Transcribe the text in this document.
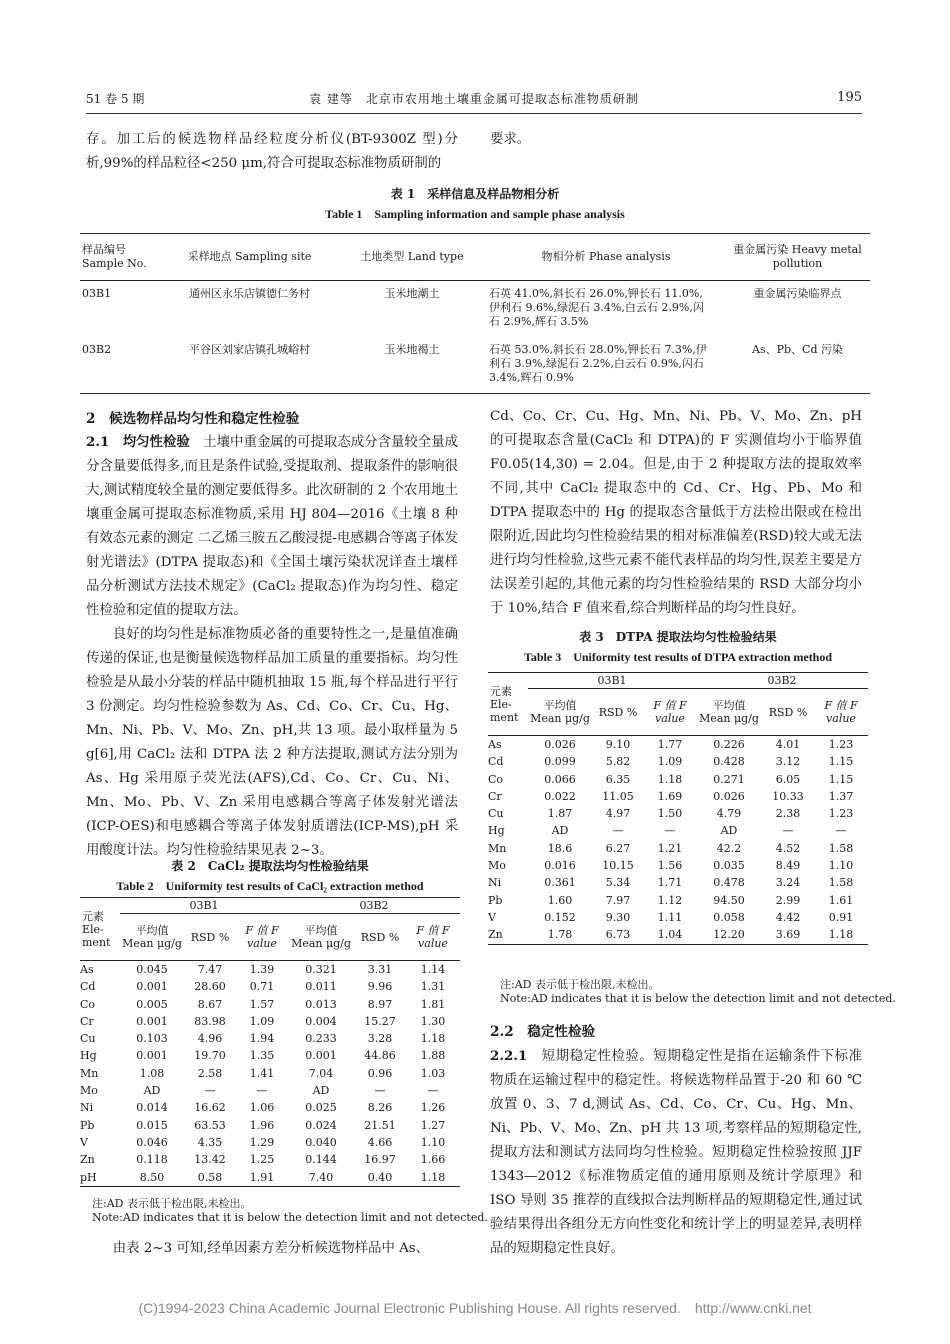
51 卷 5 期	袁 建等　北京市农用地土壤重金属可提取态标准物质研制	195

存。加工后的候选物样品经粒度分析仪(BT-9300Z 型)分析,99%的样品粒径<250 μm,符合可提取态标准物质研制的

要求。

表 1　采样信息及样品物相分析
Table 1　Sampling information and sample phase analysis
样品编号 Sample No.	采样地点 Sampling site	土地类型 Land type	物相分析 Phase analysis	重金属污染 Heavy metal pollution
03B1	通州区永乐店镇德仁务村	玉米地潮土	石英 41.0%,斜长石 26.0%,钾长石 11.0%,伊利石 9.6%,绿泥石 3.4%,白云石 2.9%,闪石 2.9%,辉石 3.5%	重金属污染临界点
03B2	平谷区刘家店镇孔城峪村	玉米地褐土	石英 53.0%,斜长石 28.0%,钾长石 7.3%,伊利石 3.9%,绿泥石 2.2%,白云石 0.9%,闪石 3.4%,辉石 0.9%	As、Pb、Cd 污染
2　候选物样品均匀性和稳定性检验

2.1　均匀性检验　 土壤中重金属的可提取态成分含量较全量成分含量要低得多,而且是条件试验,受提取剂、提取条件的影响很大,测试精度较全量的测定要低得多。此次研制的 2 个农用地土壤重金属可提取态标准物质,采用 HJ 804—2016《土壤 8 种有效态元素的测定 二乙烯三胺五乙酸浸提-电感耦合等离子体发射光谱法》(DTPA 提取态)和《全国土壤污染状况详查土壤样品分析测试方法技术规定》(CaCl₂ 提取态)作为均匀性、稳定性检验和定值的提取方法。

良好的均匀性是标准物质必备的重要特性之一,是量值准确传递的保证,也是衡量候选物样品加工质量的重要指标。均匀性检验是从最小分装的样品中随机抽取 15 瓶,每个样品进行平行 3 份测定。均匀性检验参数为 As、Cd、Co、Cr、Cu、Hg、Mn、Ni、Pb、V、Mo、Zn、pH,共 13 项。最小取样量为 5 g[6],用 CaCl₂ 法和 DTPA 法 2 种方法提取,测试方法分别为 As、Hg 采用原子荧光法(AFS),Cd、Co、Cr、Cu、Ni、Mn、Mo、Pb、V、Zn 采用电感耦合等离子体发射光谱法(ICP-OES)和电感耦合等离子体发射质谱法(ICP-MS),pH 采用酸度计法。均匀性检验结果见表 2~3。

表 2　CaCl₂ 提取法均匀性检验结果
Table 2　Uniformity test results of CaCl₂ extraction method
元素 Ele- ment	03B1			03B2		
	平均值 Mean μg/g	RSD %	F 值 F value	平均值 Mean μg/g	RSD %	F 值 F value
As	0.045	7.47	1.39	0.321	3.31	1.14
Cd	0.001	28.60	0.71	0.011	9.96	1.31
Co	0.005	8.67	1.57	0.013	8.97	1.81
Cr	0.001	83.98	1.09	0.004	15.27	1.30
Cu	0.103	4.96	1.94	0.233	3.28	1.18
Hg	0.001	19.70	1.35	0.001	44.86	1.88
Mn	1.08	2.58	1.41	7.04	0.96	1.03
Mo	AD	—	—	AD	—	—
Ni	0.014	16.62	1.06	0.025	8.26	1.26
Pb	0.015	63.53	1.96	0.024	21.51	1.27
V	0.046	4.35	1.29	0.040	4.66	1.10
Zn	0.118	13.42	1.25	0.144	16.97	1.66
pH	8.50	0.58	1.91	7.40	0.40	1.18
注:AD 表示低于检出限,未检出。
Note:AD indicates that it is below the detection limit and not detected.

由表 2~3 可知,经单因素方差分析候选物样品中 As、

Cd、Co、Cr、Cu、Hg、Mn、Ni、Pb、V、Mo、Zn、pH 的可提取态含量(CaCl₂ 和 DTPA)的 F 实测值均小于临界值 F0.05(14,30) = 2.04。但是,由于 2 种提取方法的提取效率不同,其中 CaCl₂ 提取态中的 Cd、Cr、Hg、Pb、Mo 和 DTPA 提取态中的 Hg 的提取态含量低于方法检出限或在检出限附近,因此均匀性检验结果的相对标准偏差(RSD)较大或无法进行均匀性检验,这些元素不能代表样品的均匀性,误差主要是方法误差引起的,其他元素的均匀性检验结果的 RSD 大部分均小于 10%,结合 F 值来看,综合判断样品的均匀性良好。

表 3　DTPA 提取法均匀性检验结果
Table 3　Uniformity test results of DTPA extraction method
元素 Ele- ment	03B1			03B2		
	平均值 Mean μg/g	RSD %	F 值 F value	平均值 Mean μg/g	RSD %	F 值 F value
As	0.026	9.10	1.77	0.226	4.01	1.23
Cd	0.099	5.82	1.09	0.428	3.12	1.15
Co	0.066	6.35	1.18	0.271	6.05	1.15
Cr	0.022	11.05	1.69	0.026	10.33	1.37
Cu	1.87	4.97	1.50	4.79	2.38	1.23
Hg	AD	—	—	AD	—	—
Mn	18.6	6.27	1.21	42.2	4.52	1.58
Mo	0.016	10.15	1.56	0.035	8.49	1.10
Ni	0.361	5.34	1.71	0.478	3.24	1.58
Pb	1.60	7.97	1.12	94.50	2.99	1.61
V	0.152	9.30	1.11	0.058	4.42	0.91
Zn	1.78	6.73	1.04	12.20	3.69	1.18
注:AD 表示低于检出限,未检出。
Note:AD indicates that it is below the detection limit and not detected.
2.2　稳定性检验

2.2.1　 短期稳定性检验。短期稳定性是指在运输条件下标准物质在运输过程中的稳定性。将候选物样品置于-20 和 60 ℃放置 0、3、7 d,测试 As、Cd、Co、Cr、Cu、Hg、Mn、Ni、Pb、V、Mo、Zn、pH 共 13 项,考察样品的短期稳定性,提取方法和测试方法同均匀性检验。短期稳定性检验按照 JJF 1343—2012《标准物质定值的通用原则及统计学原理》和 ISO 导则 35 推荐的直线拟合法判断样品的短期稳定性,通过试验结果得出各组分无方向性变化和统计学上的明显差异,表明样品的短期稳定性良好。

(C)1994-2023 China Academic Journal Electronic Publishing House. All rights reserved.　http://www.cnki.net
